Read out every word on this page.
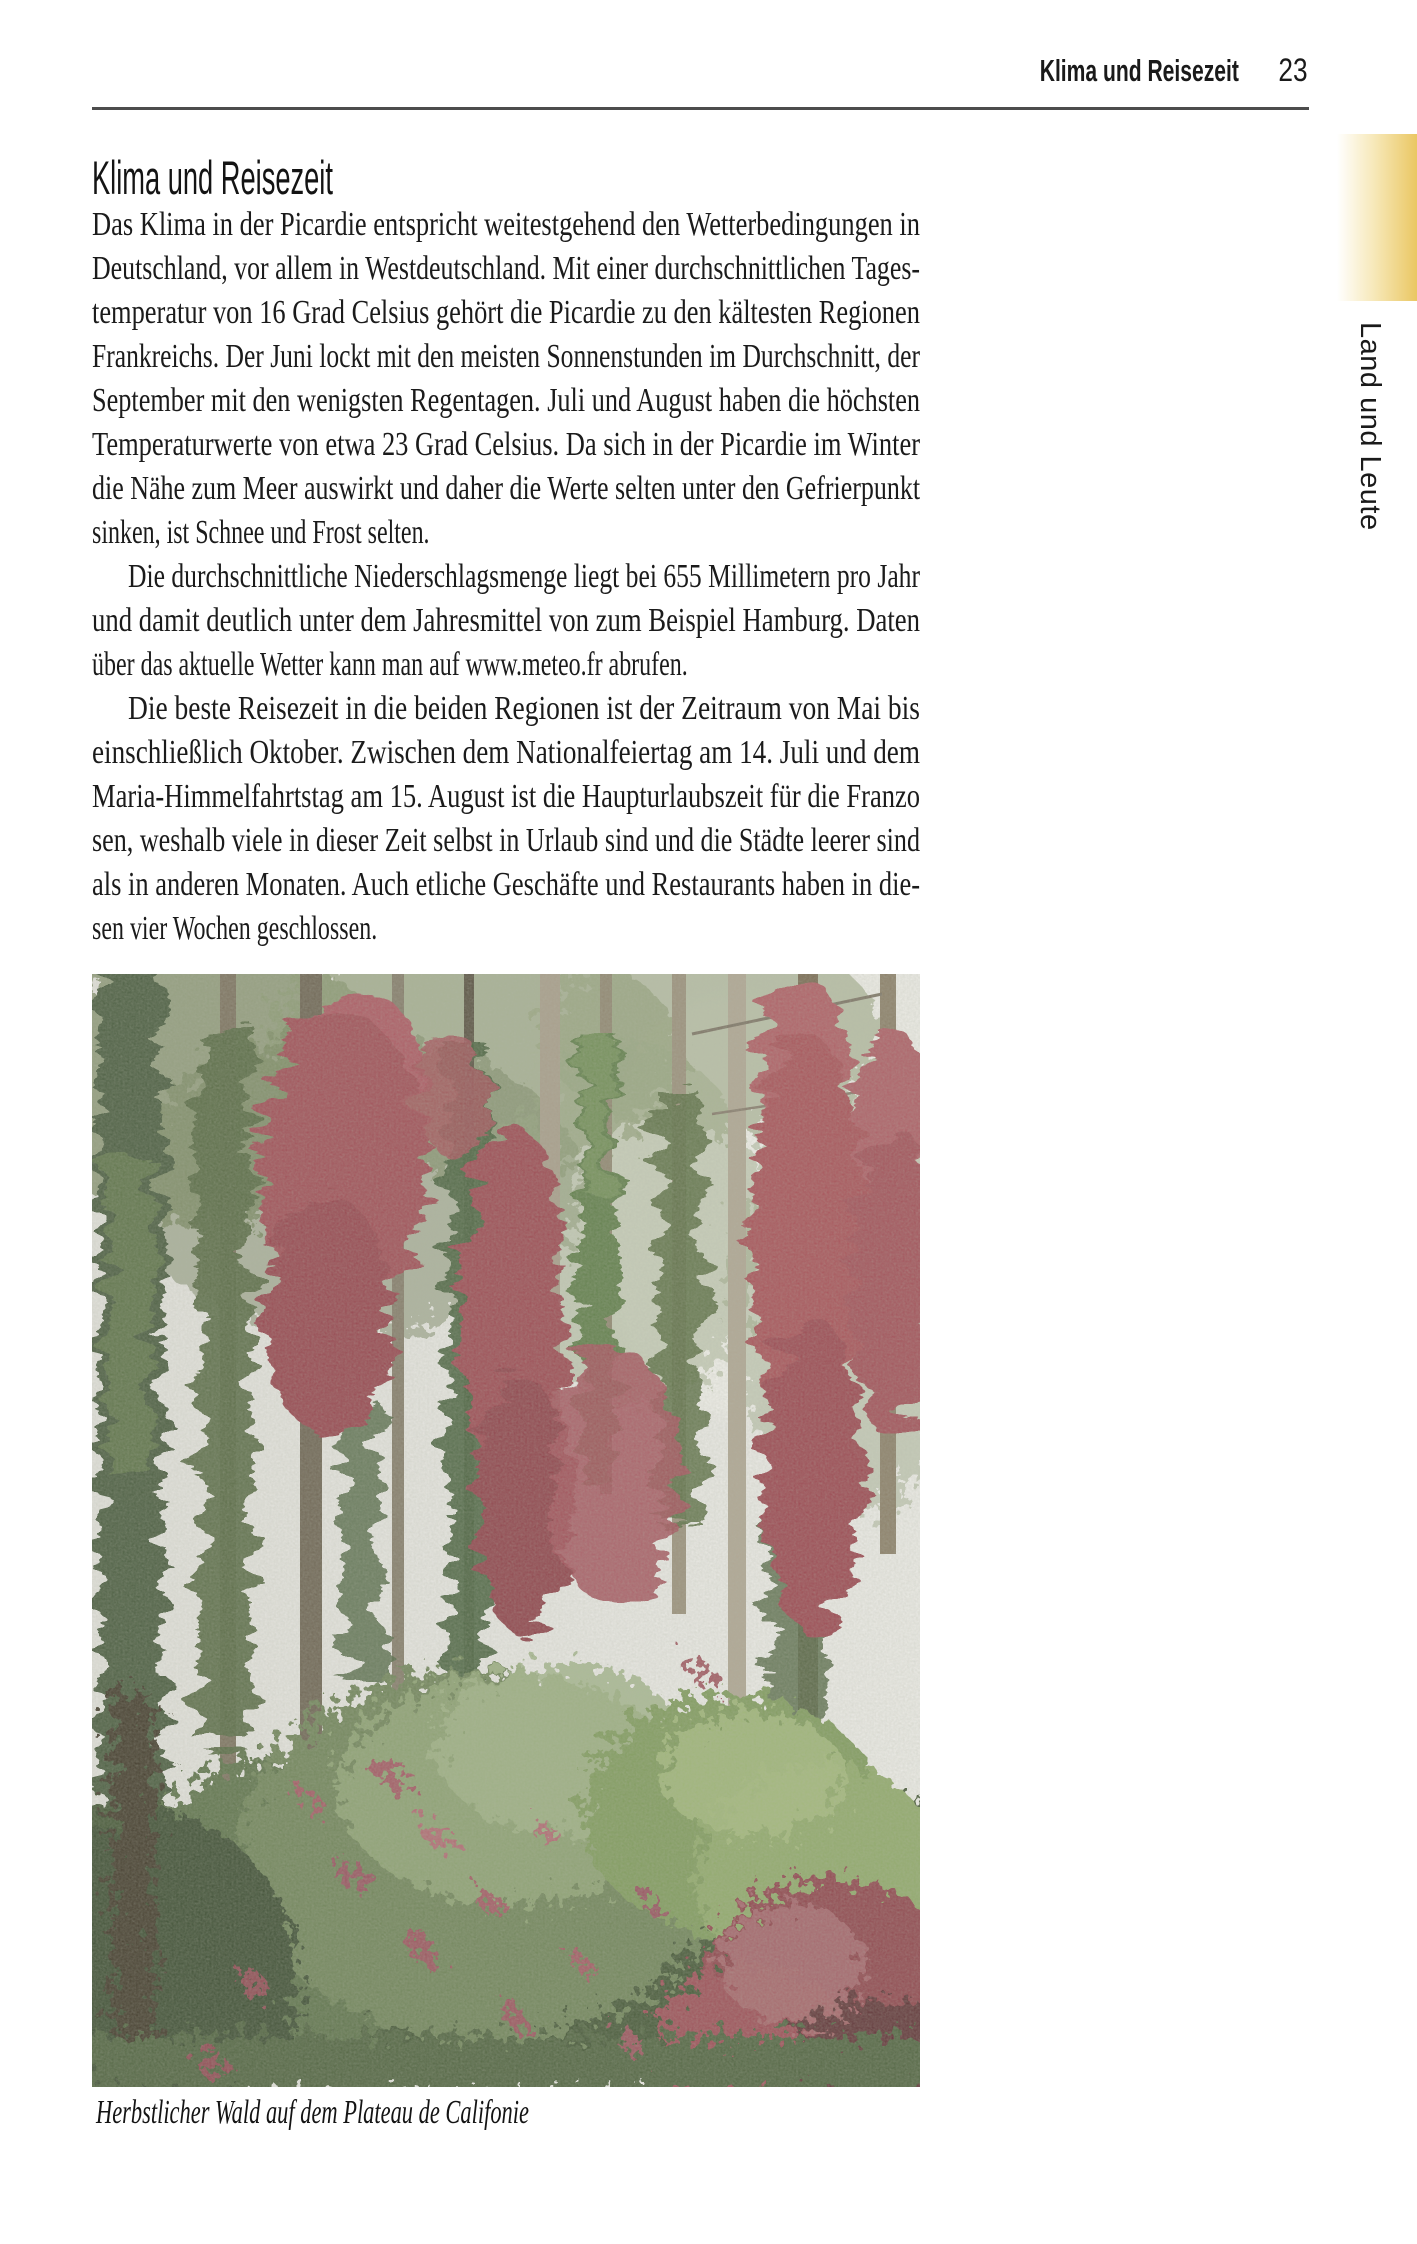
Klima und Reisezeit 23
Klima und Reisezeit
Das Klima in der Picardie entspricht weitestgehend den Wetterbedingungen in
Deutschland, vor allem in Westdeutschland. Mit einer durchschnittlichen Tages-
temperatur von 16 Grad Celsius gehört die Picardie zu den kältesten Regionen
Frankreichs. Der Juni lockt mit den meisten Sonnenstunden im Durchschnitt, der
September mit den wenigsten Regentagen. Juli und August haben die höchsten
Temperaturwerte von etwa 23 Grad Celsius. Da sich in der Picardie im Winter
die Nähe zum Meer auswirkt und daher die Werte selten unter den Gefrierpunkt
sinken, ist Schnee und Frost selten.
Die durchschnittliche Niederschlagsmenge liegt bei 655 Millimetern pro Jahr
und damit deutlich unter dem Jahresmittel von zum Beispiel Hamburg. Daten
über das aktuelle Wetter kann man auf www.meteo.fr abrufen.
Die beste Reisezeit in die beiden Regionen ist der Zeitraum von Mai bis
einschließlich Oktober. Zwischen dem Nationalfeiertag am 14. Juli und dem
Maria-Himmelfahrtstag am 15. August ist die Haupturlaubszeit für die Franzo
sen, weshalb viele in dieser Zeit selbst in Urlaub sind und die Städte leerer sind
als in anderen Monaten. Auch etliche Geschäfte und Restaurants haben in die-
sen vier Wochen geschlossen.
Herbstlicher Wald auf dem Plateau de Califonie
Land und Leute
